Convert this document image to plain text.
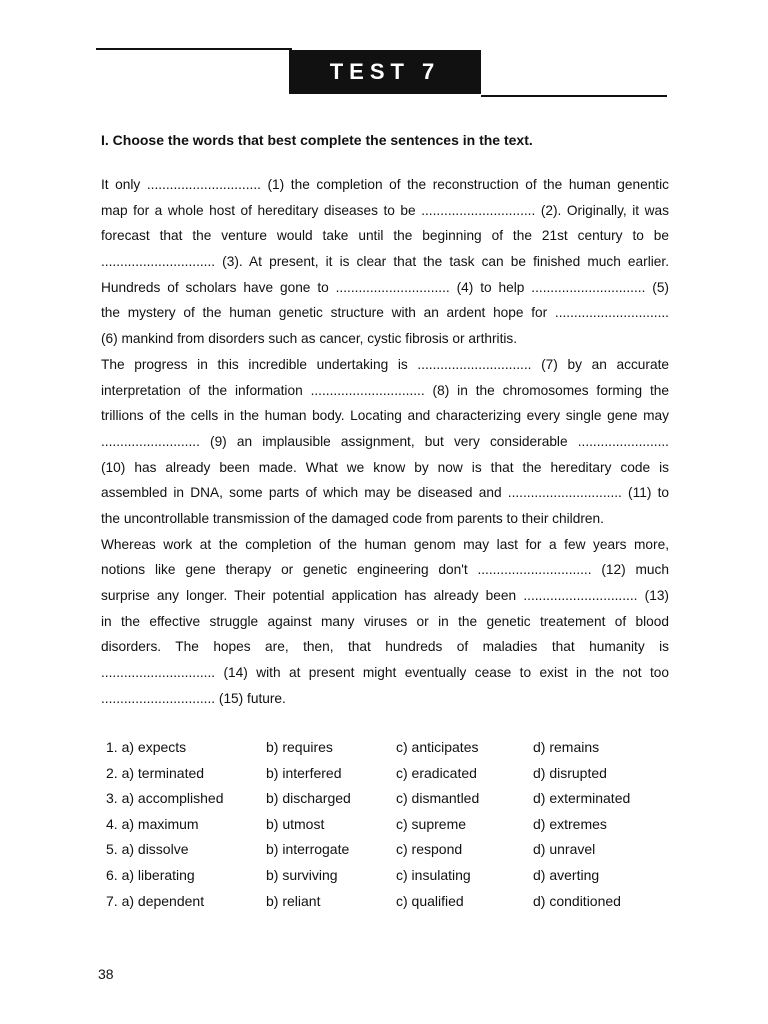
TEST 7

I. Choose the words that best complete the sentences in the text.

It only .............................. (1) the completion of the reconstruction of the human genentic
map for a whole host of hereditary diseases to be .............................. (2). Originally, it was
forecast that the venture would take until the beginning of the 21st century to be
.............................. (3). At present, it is clear that the task can be finished much earlier.
Hundreds of scholars have gone to .............................. (4) to help .............................. (5)
the mystery of the human genetic structure with an ardent hope for ..............................
(6) mankind from disorders such as cancer, cystic fibrosis or arthritis.
The progress in this incredible undertaking is .............................. (7) by an accurate
interpretation of the information .............................. (8) in the chromosomes forming the
trillions of the cells in the human body. Locating and characterizing every single gene may
.......................... (9) an implausible assignment, but very considerable ........................
(10) has already been made. What we know by now is that the hereditary code is
assembled in DNA, some parts of which may be diseased and .............................. (11) to
the uncontrollable transmission of the damaged code from parents to their children.
Whereas work at the completion of the human genom may last for a few years more,
notions like gene therapy or genetic engineering don't .............................. (12) much
surprise any longer. Their potential application has already been .............................. (13)
in the effective struggle against many viruses or in the genetic treatement of blood
disorders. The hopes are, then, that hundreds of maladies that humanity is
.............................. (14) with at present might eventually cease to exist in the not too
.............................. (15) future.
1. a) expects	b) requires	c) anticipates	d) remains
2. a) terminated	b) interfered	c) eradicated	d) disrupted
3. a) accomplished	b) discharged	c) dismantled	d) exterminated
4. a) maximum	b) utmost	c) supreme	d) extremes
5. a) dissolve	b) interrogate	c) respond	d) unravel
6. a) liberating	b) surviving	c) insulating	d) averting
7. a) dependent	b) reliant	c) qualified	d) conditioned
38
